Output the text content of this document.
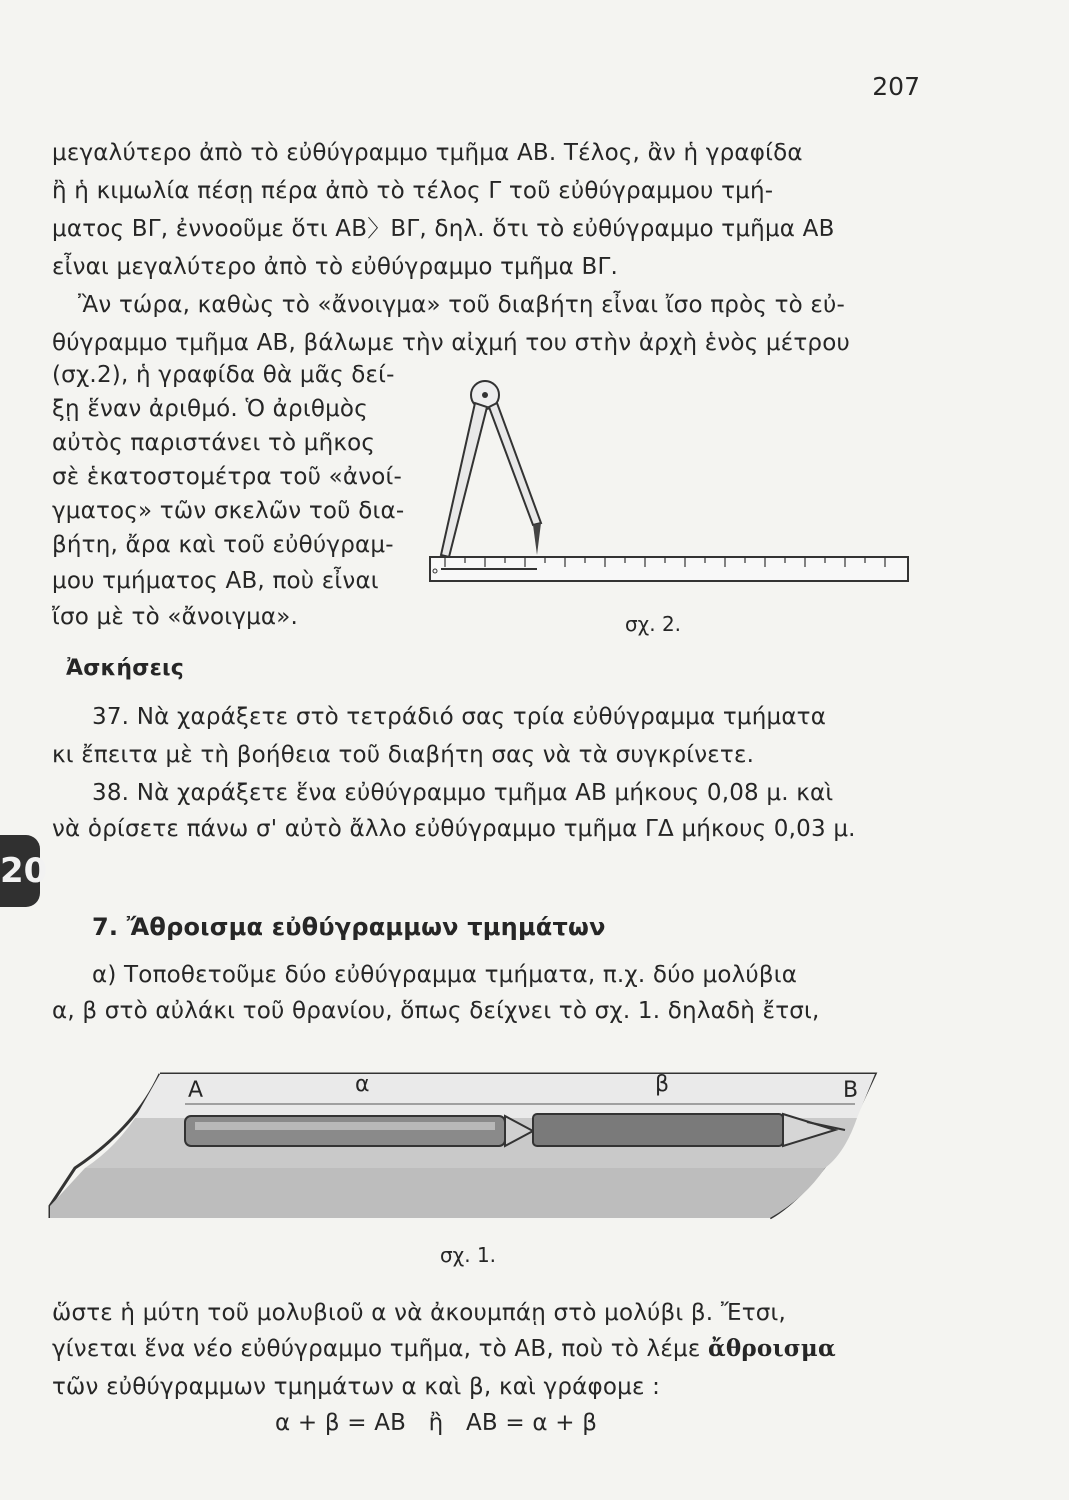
207
μεγαλύτερο ἀπὸ τὸ εὐθύγραμμο τμῆμα ΑΒ. Τέλος, ἂν ἡ γραφίδα
ἢ ἡ κιμωλία πέσῃ πέρα ἀπὸ τὸ τέλος Γ τοῦ εὐθύγραμμου τμή-
ματος ΒΓ, ἐννοοῦμε ὅτι ΑΒ〉ΒΓ, δηλ. ὅτι τὸ εὐθύγραμμο τμῆμα ΑΒ
εἶναι μεγαλύτερο ἀπὸ τὸ εὐθύγραμμο τμῆμα ΒΓ.
Ἂν τώρα, καθὼς τὸ «ἄνοιγμα» τοῦ διαβήτη εἶναι ἴσο πρὸς τὸ εὐ-
θύγραμμο τμῆμα ΑΒ, βάλωμε τὴν αἰχμή του στὴν ἀρχὴ ἑνὸς μέτρου
(σχ.2), ἡ γραφίδα θὰ μᾶς δεί-
ξῃ ἕναν ἀριθμό. Ὁ ἀριθμὸς
αὐτὸς παριστάνει τὸ μῆκος
σὲ ἑκατοστομέτρα τοῦ «ἀνοί-
γματος» τῶν σκελῶν τοῦ δια-
βήτη, ἄρα καὶ τοῦ εὐθύγραμ-
μου τμήματος ΑΒ, ποὺ εἶναι
ἴσο μὲ τὸ «ἄνοιγμα».	σχ. 2.
Ἀσκήσεις
37. Νὰ χαράξετε στὸ τετράδιό σας τρία εὐθύγραμμα τμήματα
κι ἔπειτα μὲ τὴ βοήθεια τοῦ διαβήτη σας νὰ τὰ συγκρίνετε.
38. Νὰ χαράξετε ἕνα εὐθύγραμμο τμῆμα ΑΒ μήκους 0,08 μ. καὶ
νὰ ὁρίσετε πάνω σ' αὐτὸ ἄλλο εὐθύγραμμο τμῆμα ΓΔ μήκους 0,03 μ.
20
7. Ἄθροισμα εὐθύγραμμων τμημάτων
α) Τοποθετοῦμε δύο εὐθύγραμμα τμήματα, π.χ. δύο μολύβια
α, β στὸ αὐλάκι τοῦ θρανίου, ὅπως δείχνει τὸ σχ. 1. δηλαδὴ ἔτσι,
Α	α	β	Β
σχ. 1.
ὥστε ἡ μύτη τοῦ μολυβιοῦ α νὰ ἀκουμπάῃ στὸ μολύβι β. Ἔτσι,
γίνεται ἕνα νέο εὐθύγραμμο τμῆμα, τὸ ΑΒ, ποὺ τὸ λέμε ἄθροισμα
τῶν εὐθύγραμμων τμημάτων α καὶ β, καὶ γράφομε :
α + β = ΑΒ   ἢ   ΑΒ = α + β
